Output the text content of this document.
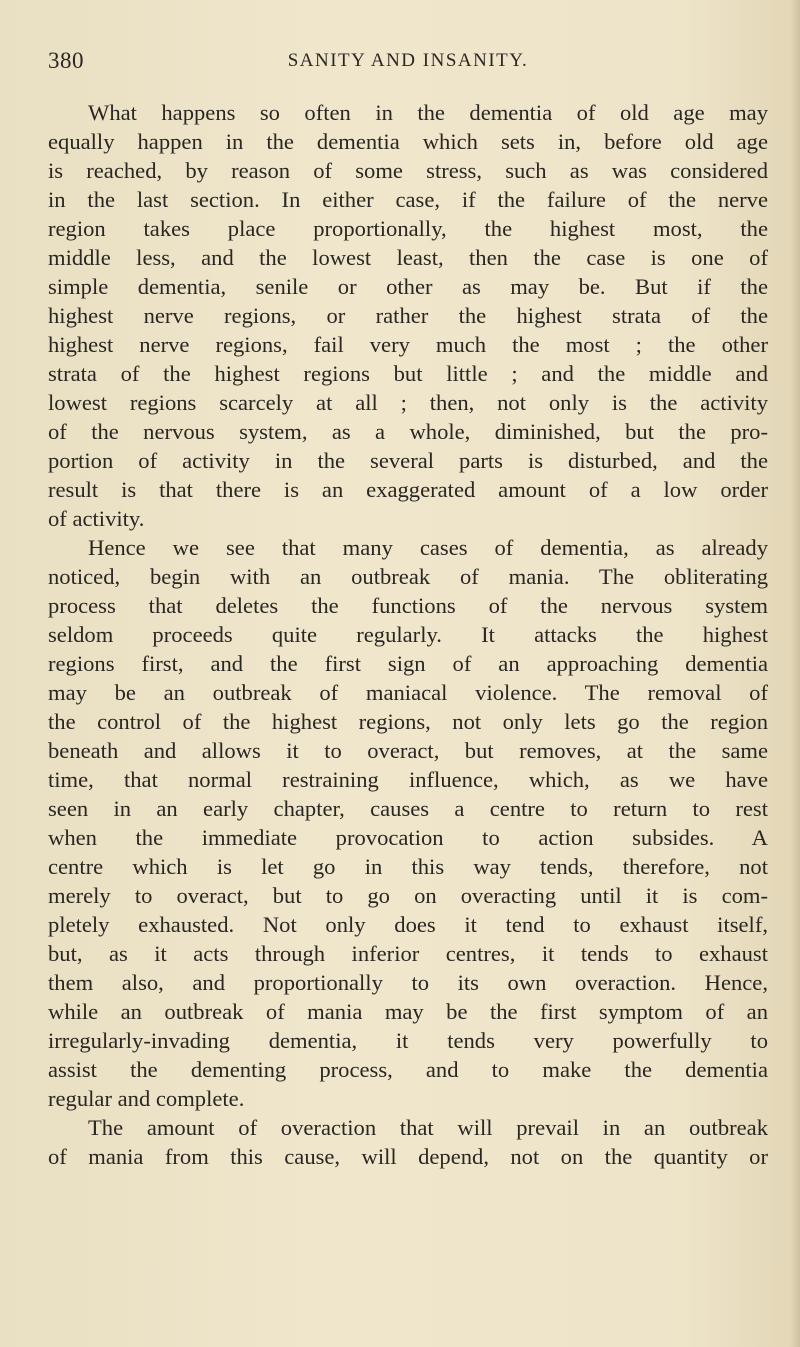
380	SANITY AND INSANITY.
What happens so often in the dementia of old age may
equally happen in the dementia which sets in, before old age
is reached, by reason of some stress, such as was considered
in the last section. In either case, if the failure of the nerve
region takes place proportionally, the highest most, the
middle less, and the lowest least, then the case is one of
simple dementia, senile or other as may be. But if the
highest nerve regions, or rather the highest strata of the
highest nerve regions, fail very much the most ; the other
strata of the highest regions but little ; and the middle and
lowest regions scarcely at all ; then, not only is the activity
of the nervous system, as a whole, diminished, but the pro-
portion of activity in the several parts is disturbed, and the
result is that there is an exaggerated amount of a low order
of activity.
Hence we see that many cases of dementia, as already
noticed, begin with an outbreak of mania. The obliterating
process that deletes the functions of the nervous system
seldom proceeds quite regularly. It attacks the highest
regions first, and the first sign of an approaching dementia
may be an outbreak of maniacal violence. The removal of
the control of the highest regions, not only lets go the region
beneath and allows it to overact, but removes, at the same
time, that normal restraining influence, which, as we have
seen in an early chapter, causes a centre to return to rest
when the immediate provocation to action subsides. A
centre which is let go in this way tends, therefore, not
merely to overact, but to go on overacting until it is com-
pletely exhausted. Not only does it tend to exhaust itself,
but, as it acts through inferior centres, it tends to exhaust
them also, and proportionally to its own overaction. Hence,
while an outbreak of mania may be the first symptom of an
irregularly-invading dementia, it tends very powerfully to
assist the dementing process, and to make the dementia
regular and complete.
The amount of overaction that will prevail in an outbreak
of mania from this cause, will depend, not on the quantity or
